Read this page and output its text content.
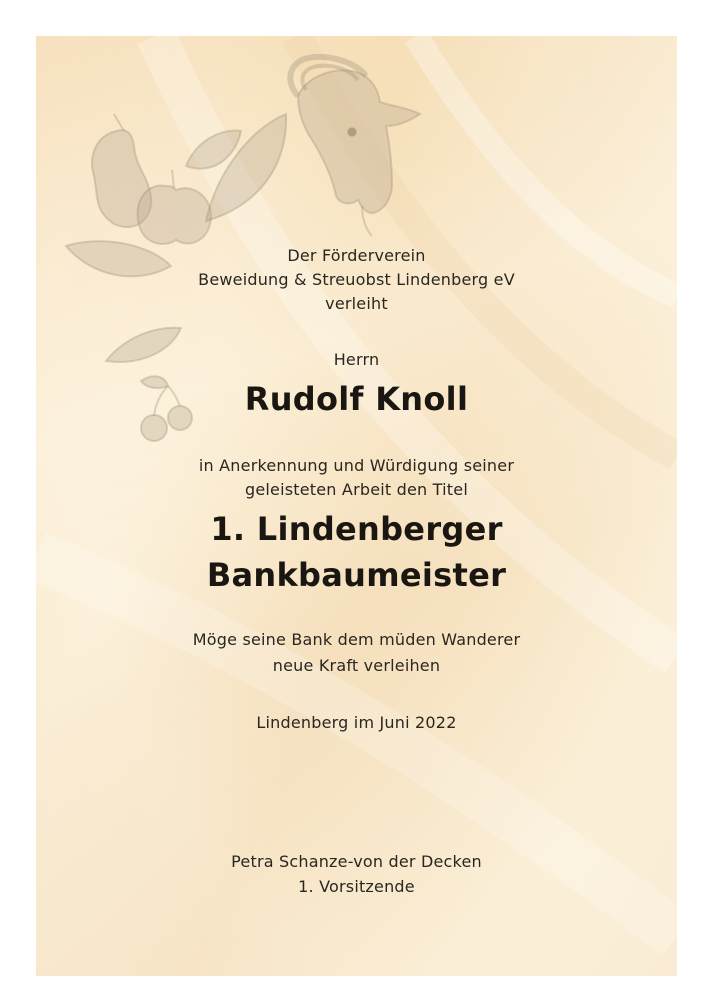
Der Förderverein
Beweidung & Streuobst Lindenberg eV
verleiht
Herrn
Rudolf Knoll
in Anerkennung und Würdigung seiner
geleisteten Arbeit den Titel
1. Lindenberger
Bankbaumeister
Möge seine Bank dem müden Wanderer
neue Kraft verleihen
Lindenberg im Juni 2022
Petra Schanze-von der Decken
1. Vorsitzende
